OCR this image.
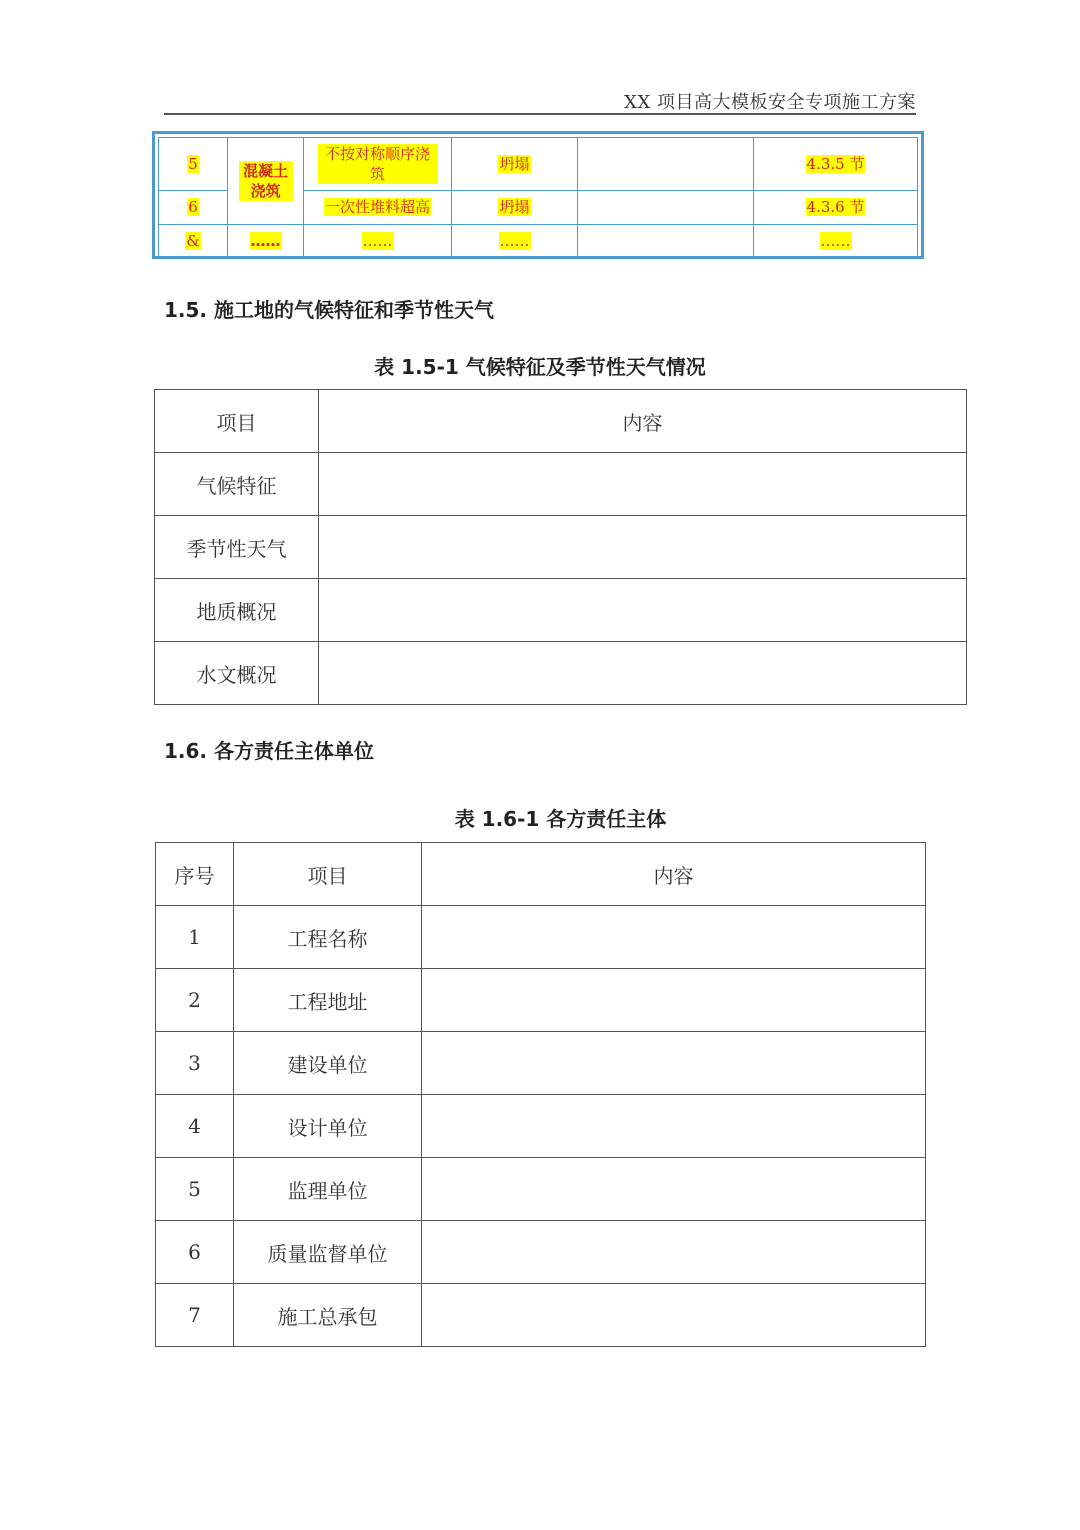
XX 项目高大模板安全专项施工方案
5	混凝土浇筑	不按对称顺序浇筑	坍塌		4.3.5 节
6		一次性堆料超高	坍塌		4.3.6 节
&	……	……	……		……
1.5. 施工地的气候特征和季节性天气
表 1.5-1 气候特征及季节性天气情况
项目	内容
气候特征	
季节性天气	
地质概况	
水文概况	
1.6. 各方责任主体单位
表 1.6-1 各方责任主体
序号	项目	内容
1	工程名称	
2	工程地址	
3	建设单位	
4	设计单位	
5	监理单位	
6	质量监督单位	
7	施工总承包	
